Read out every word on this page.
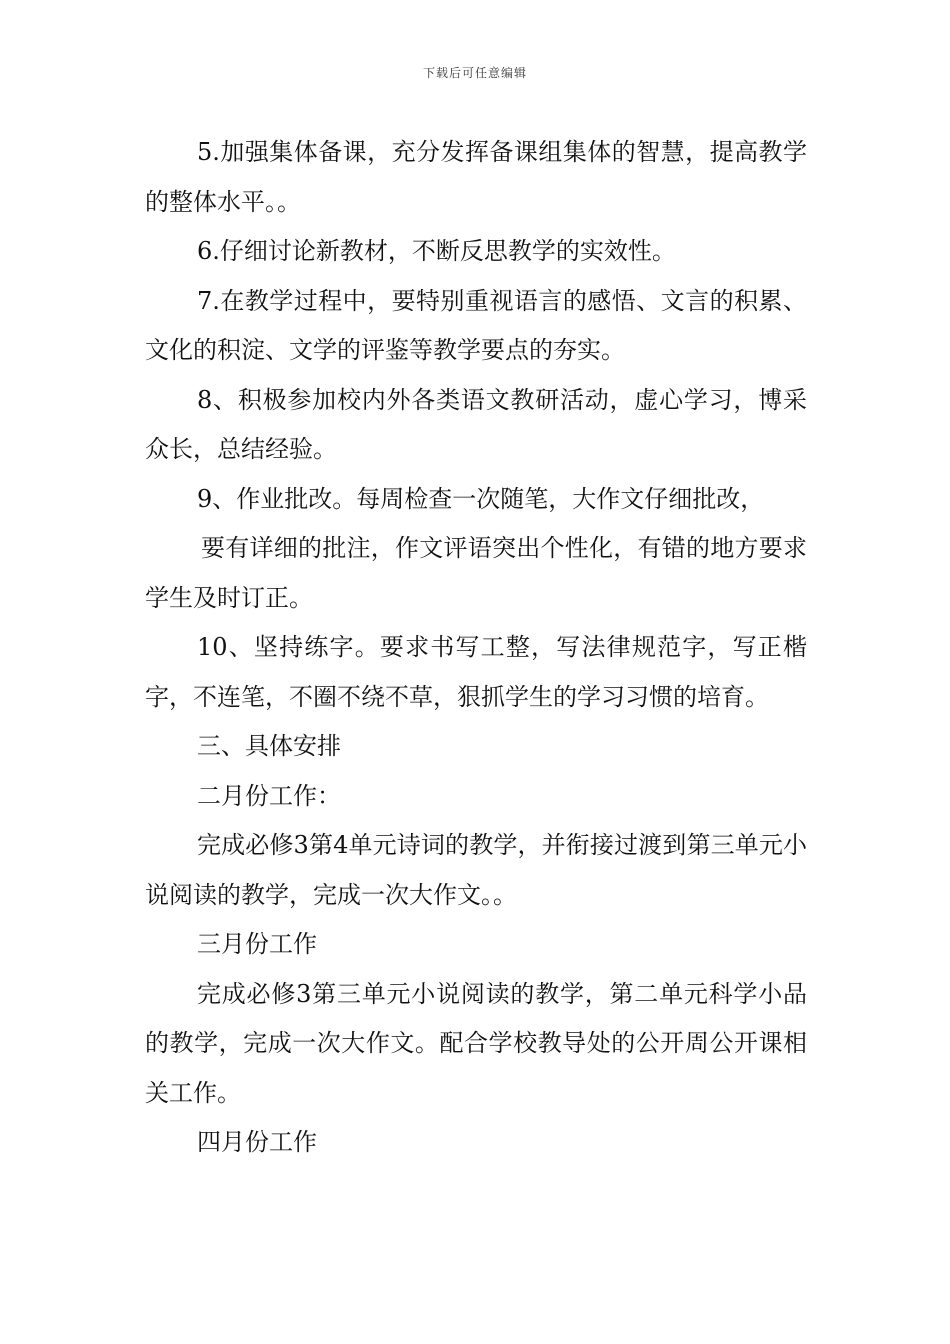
下载后可任意编辑

5.加强集体备课，充分发挥备课组集体的智慧，提高教学的整体水平。。

6.仔细讨论新教材，不断反思教学的实效性。

7.在教学过程中，要特别重视语言的感悟、文言的积累、文化的积淀、文学的评鉴等教学要点的夯实。

8、积极参加校内外各类语文教研活动，虚心学习，博采众长，总结经验。

9、作业批改。每周检查一次随笔，大作文仔细批改，

要有详细的批注，作文评语突出个性化，有错的地方要求学生及时订正。

10、坚持练字。要求书写工整，写法律规范字，写正楷字，不连笔，不圈不绕不草，狠抓学生的学习习惯的培育。

三、具体安排

二月份工作：

完成必修3第4单元诗词的教学，并衔接过渡到第三单元小说阅读的教学，完成一次大作文。。

三月份工作

完成必修3第三单元小说阅读的教学，第二单元科学小品的教学，完成一次大作文。配合学校教导处的公开周公开课相关工作。

四月份工作
